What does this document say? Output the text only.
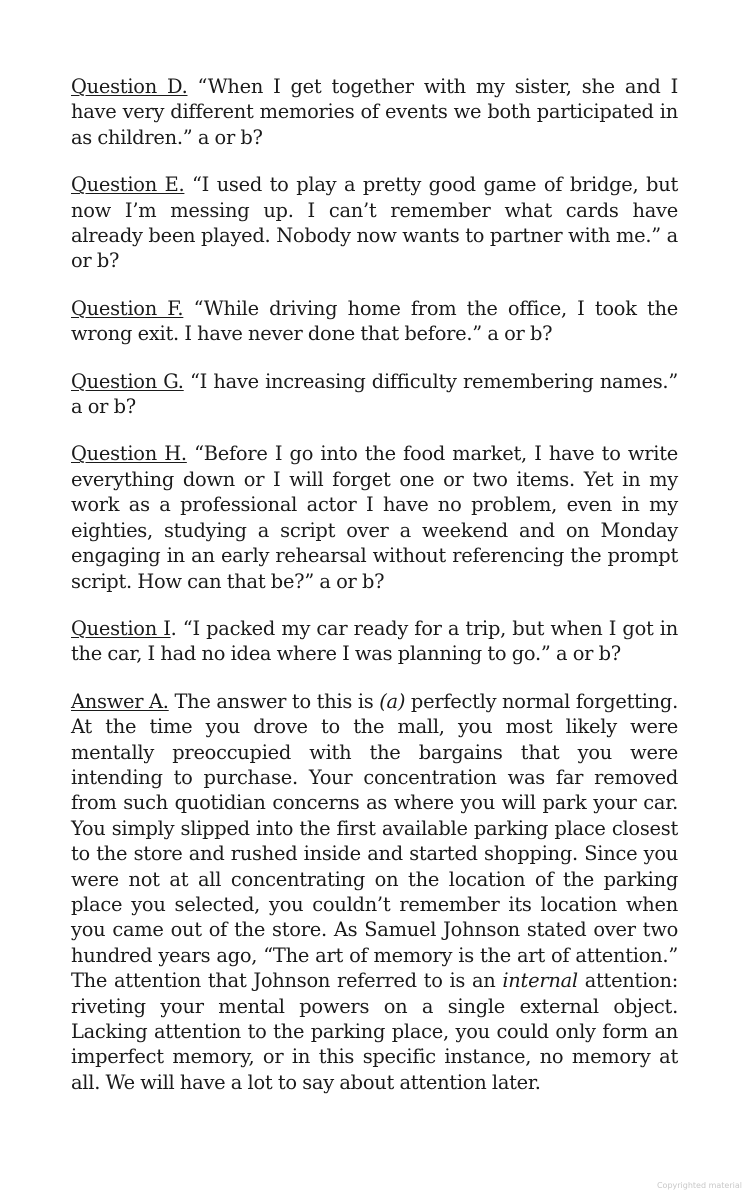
Question D. “When I get together with my sister, she and I have very different memories of events we both participated in as children.” a or b?

Question E. “I used to play a pretty good game of bridge, but now I’m messing up. I can’t remember what cards have already been played. Nobody now wants to partner with me.” a or b?

Question F. “While driving home from the office, I took the wrong exit. I have never done that before.” a or b?

Question G. “I have increasing difficulty remembering names.” a or b?

Question H. “Before I go into the food market, I have to write everything down or I will forget one or two items. Yet in my work as a professional actor I have no problem, even in my eighties, studying a script over a weekend and on Monday engaging in an early rehearsal without referencing the prompt script. How can that be?” a or b?

Question I. “I packed my car ready for a trip, but when I got in the car, I had no idea where I was planning to go.” a or b?

Answer A. The answer to this is (a) perfectly normal forgetting. At the time you drove to the mall, you most likely were mentally preoccupied with the bargains that you were intending to purchase. Your concentration was far removed from such quotidian concerns as where you will park your car. You simply slipped into the first available parking place closest to the store and rushed inside and started shopping. Since you were not at all concentrating on the location of the parking place you selected, you couldn’t remember its location when you came out of the store. As Samuel Johnson stated over two hundred years ago, “The art of memory is the art of attention.” The attention that Johnson referred to is an internal attention: riveting your mental powers on a single external object. Lacking attention to the parking place, you could only form an imperfect memory, or in this specific instance, no memory at all. We will have a lot to say about attention later.

Copyrighted material
